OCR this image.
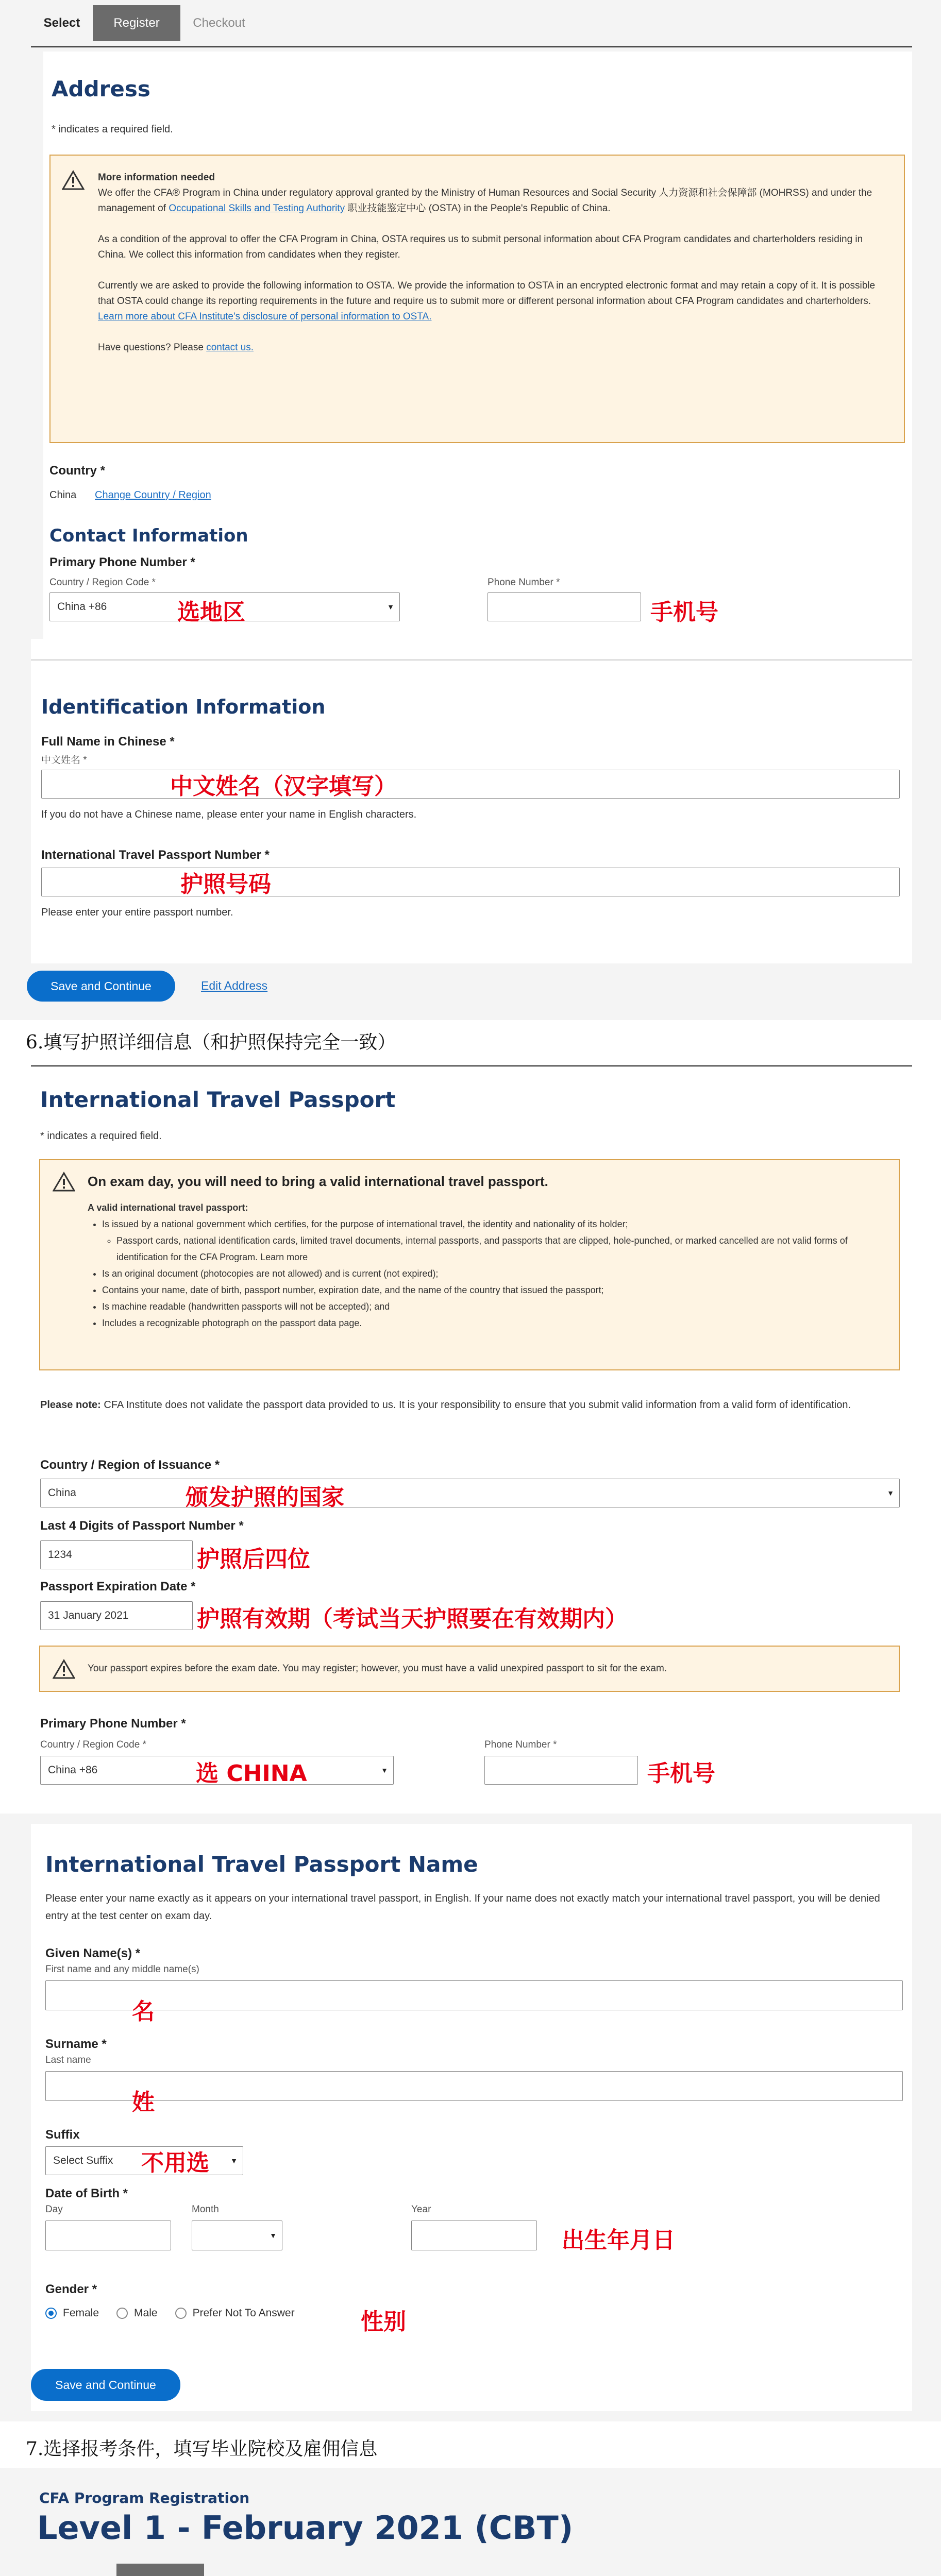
Select	Register	Checkout
Address
* indicates a required field.
More information needed
We offer the CFA® Program in China under regulatory approval granted by the Ministry of Human Resources and Social Security 人力资源和社会保障部 (MOHRSS) and under the management of Occupational Skills and Testing Authority 职业技能鉴定中心 (OSTA) in the People's Republic of China.
As a condition of the approval to offer the CFA Program in China, OSTA requires us to submit personal information about CFA Program candidates and charterholders residing in China. We collect this information from candidates when they register.
Currently we are asked to provide the following information to OSTA. We provide the information to OSTA in an encrypted electronic format and may retain a copy of it. It is possible that OSTA could change its reporting requirements in the future and require us to submit more or different personal information about CFA Program candidates and charterholders. Learn more about CFA Institute's disclosure of personal information to OSTA.
Have questions? Please contact us.
Country *
China Change Country / Region
Contact Information
Primary Phone Number *
Country / Region Code *
China +86	▼
选地区
Phone Number *
手机号
Identification Information
Full Name in Chinese *
中文姓名 *
中文姓名（汉字填写）
If you do not have a Chinese name, please enter your name in English characters.
International Travel Passport Number *
护照号码
Please enter your entire passport number.
Save and Continue	Edit Address
6.填写护照详细信息（和护照保持完全一致）
International Travel Passport
* indicates a required field.
On exam day, you will need to bring a valid international travel passport.
A valid international travel passport:
• Is issued by a national government which certifies, for the purpose of international travel, the identity and nationality of its holder;
◦ Passport cards, national identification cards, limited travel documents, internal passports, and passports that are clipped, hole-punched, or marked cancelled are not valid forms of identification for the CFA Program. Learn more
• Is an original document (photocopies are not allowed) and is current (not expired);
• Contains your name, date of birth, passport number, expiration date, and the name of the country that issued the passport;
• Is machine readable (handwritten passports will not be accepted); and
• Includes a recognizable photograph on the passport data page.
Please note: CFA Institute does not validate the passport data provided to us. It is your responsibility to ensure that you submit valid information from a valid form of identification.
Country / Region of Issuance *
China	▼
颁发护照的国家
Last 4 Digits of Passport Number *
1234	护照后四位
Passport Expiration Date *
31 January 2021	护照有效期（考试当天护照要在有效期内）
Your passport expires before the exam date. You may register; however, you must have a valid unexpired passport to sit for the exam.
Primary Phone Number *
Country / Region Code *
China +86	▼
选 CHINA
Phone Number *
手机号
International Travel Passport Name
Please enter your name exactly as it appears on your international travel passport, in English. If your name does not exactly match your international travel passport, you will be denied entry at the test center on exam day.
Given Name(s) *
First name and any middle name(s)
名
Surname *
Last name
姓
Suffix
Select Suffix	▼
不用选
Date of Birth *
Day	Month
▼
Year
出生年月日
Gender *
Female	Male	Prefer Not To Answer	性别
Save and Continue
7.选择报考条件，填写毕业院校及雇佣信息
CFA Program Registration
Level 1 - February 2021 (CBT)
